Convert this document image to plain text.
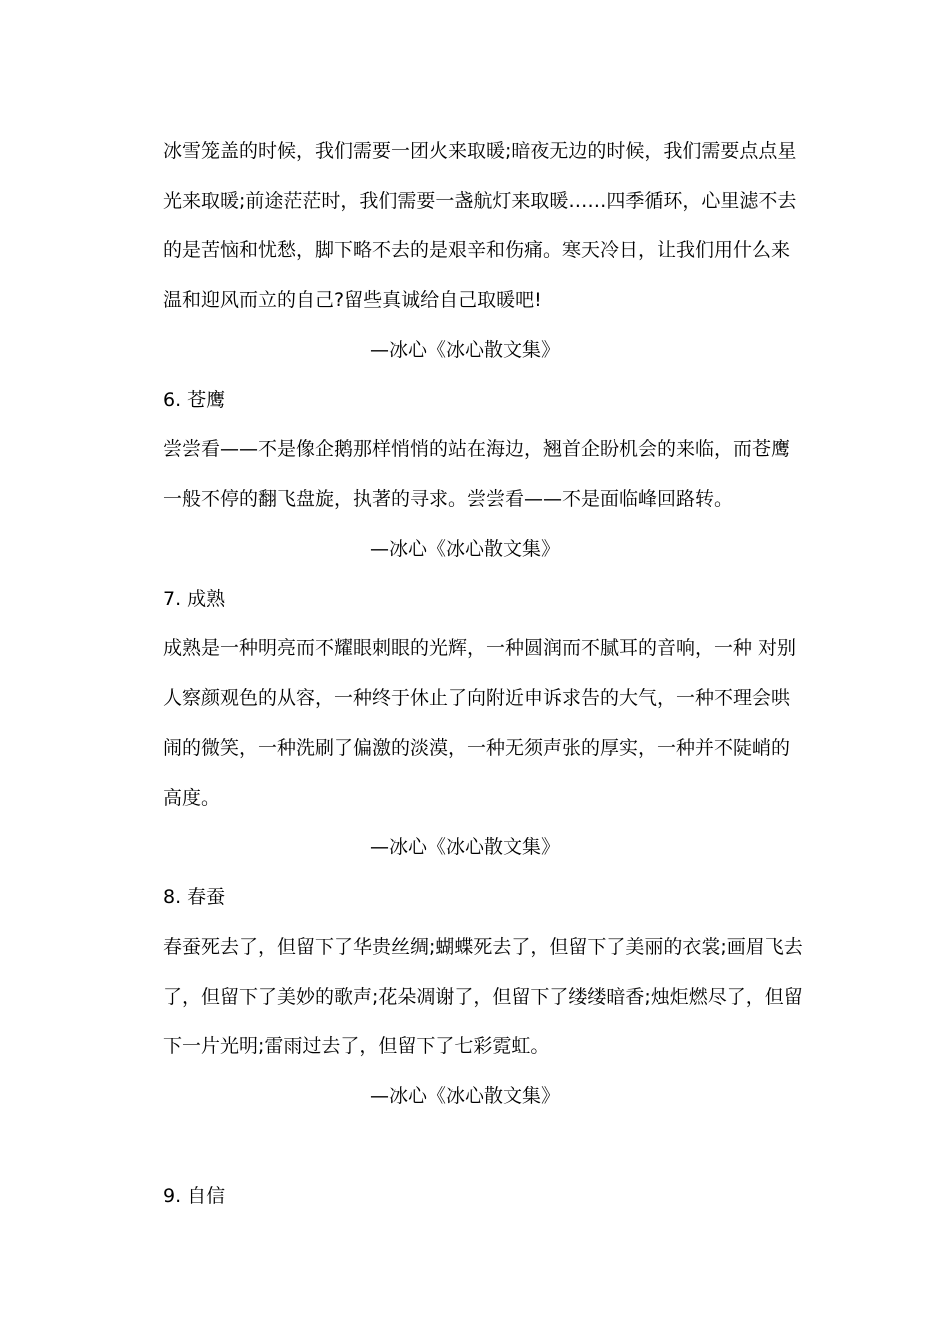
冰雪笼盖的时候，我们需要一团火来取暖;暗夜无边的时候，我们需要点点星
光来取暖;前途茫茫时，我们需要一盏航灯来取暖……四季循环，心里滤不去
的是苦恼和忧愁，脚下略不去的是艰辛和伤痛。寒天冷日，让我们用什么来
温和迎风而立的自己?留些真诚给自己取暖吧!
—冰心《冰心散文集》
6. 苍鹰
尝尝看——不是像企鹅那样悄悄的站在海边，翘首企盼机会的来临，而苍鹰
一般不停的翻飞盘旋，执著的寻求。尝尝看——不是面临峰回路转。
—冰心《冰心散文集》
7. 成熟
成熟是一种明亮而不耀眼刺眼的光辉，一种圆润而不腻耳的音响，一种 对别
人察颜观色的从容，一种终于休止了向附近申诉求告的大气，一种不理会哄
闹的微笑，一种洗刷了偏激的淡漠，一种无须声张的厚实，一种并不陡峭的
高度。
—冰心《冰心散文集》
8. 春蚕
春蚕死去了，但留下了华贵丝绸;蝴蝶死去了，但留下了美丽的衣裳;画眉飞去
了，但留下了美妙的歌声;花朵凋谢了，但留下了缕缕暗香;烛炬燃尽了，但留
下一片光明;雷雨过去了，但留下了七彩霓虹。
—冰心《冰心散文集》
9. 自信
